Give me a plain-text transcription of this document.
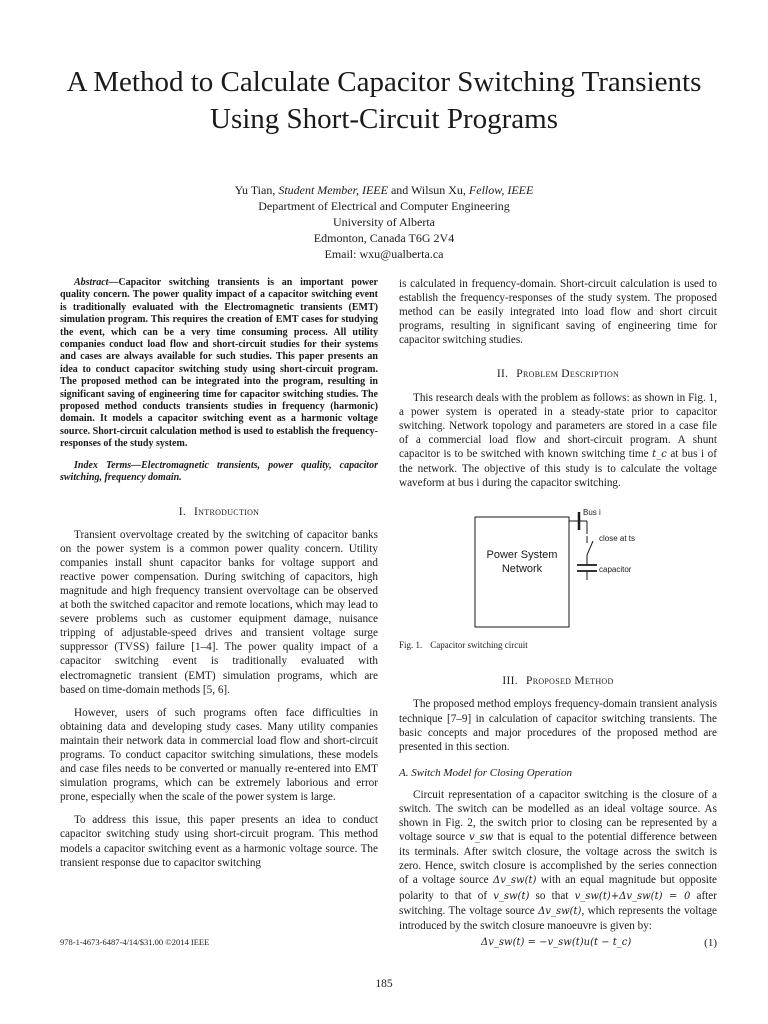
A Method to Calculate Capacitor Switching Transients Using Short-Circuit Programs
Yu Tian, Student Member, IEEE and Wilsun Xu, Fellow, IEEE
Department of Electrical and Computer Engineering
University of Alberta
Edmonton, Canada T6G 2V4
Email: wxu@ualberta.ca

Abstract—Capacitor switching transients is an important power quality concern. The power quality impact of a capacitor switching event is traditionally evaluated with the Electromagnetic transients (EMT) simulation program. This requires the creation of EMT cases for studying the event, which can be a very time consuming process. All utility companies conduct load flow and short-circuit studies for their systems and cases are always available for such studies. This paper presents an idea to conduct capacitor switching study using short-circuit program. The proposed method can be integrated into the program, resulting in significant saving of engineering time for capacitor switching studies. The proposed method conducts transients studies in frequency (harmonic) domain. It models a capacitor switching event as a harmonic voltage source. Short-circuit calculation method is used to establish the frequency-responses of the study system.

Index Terms—Electromagnetic transients, power quality, capacitor switching, frequency domain.

I. Introduction

Transient overvoltage created by the switching of capacitor banks on the power system is a common power quality concern. Utility companies install shunt capacitor banks for voltage support and reactive power compensation. During switching of capacitors, high magnitude and high frequency transient overvoltage can be observed at both the switched capacitor and remote locations, which may lead to severe problems such as customer equipment damage, nuisance tripping of adjustable-speed drives and transient voltage surge suppressor (TVSS) failure [1–4]. The power quality impact of a capacitor switching event is traditionally evaluated with electromagnetic transient (EMT) simulation programs, which are based on time-domain methods [5, 6].

However, users of such programs often face difficulties in obtaining data and developing study cases. Many utility companies maintain their network data in commercial load flow and short-circuit programs. To conduct capacitor switching simulations, these models and case files needs to be converted or manually re-entered into EMT simulation programs, which can be extremely laborious and error prone, especially when the scale of the power system is large.

To address this issue, this paper presents an idea to conduct capacitor switching study using short-circuit program. This method models a capacitor switching event as a harmonic voltage source. The transient response due to capacitor switching

is calculated in frequency-domain. Short-circuit calculation is used to establish the frequency-responses of the study system. The proposed method can be easily integrated into load flow and short circuit programs, resulting in significant saving of engineering time for capacitor switching studies.

II. Problem Description

This research deals with the problem as follows: as shown in Fig. 1, a power system is operated in a steady-state prior to capacitor switching. Network topology and parameters are stored in a case file of a commercial load flow and short-circuit program. A shunt capacitor is to be switched with known switching time t_c at bus i of the network. The objective of this study is to calculate the voltage waveform at bus i during the capacitor switching.

Power System
Network
Bus i
close at ts
capacitor
Fig. 1. Capacitor switching circuit
III. Proposed Method

The proposed method employs frequency-domain transient analysis technique [7–9] in calculation of capacitor switching transients. The basic concepts and major procedures of the proposed method are presented in this section.

A. Switch Model for Closing Operation

Circuit representation of a capacitor switching is the closure of a switch. The switch can be modelled as an ideal voltage source. As shown in Fig. 2, the switch prior to closing can be represented by a voltage source v_sw that is equal to the potential difference between its terminals. After switch closure, the voltage across the switch is zero. Hence, switch closure is accomplished by the series connection of a voltage source Δv_sw(t) with an equal magnitude but opposite polarity to that of v_sw(t) so that v_sw(t)+Δv_sw(t) = 0 after switching. The voltage source Δv_sw(t), which represents the voltage introduced by the switch closure manoeuvre is given by:

Δv_sw(t) = −v_sw(t)u(t − t_c)	(1)
978-1-4673-6487-4/14/$31.00 ©2014 IEEE
185
